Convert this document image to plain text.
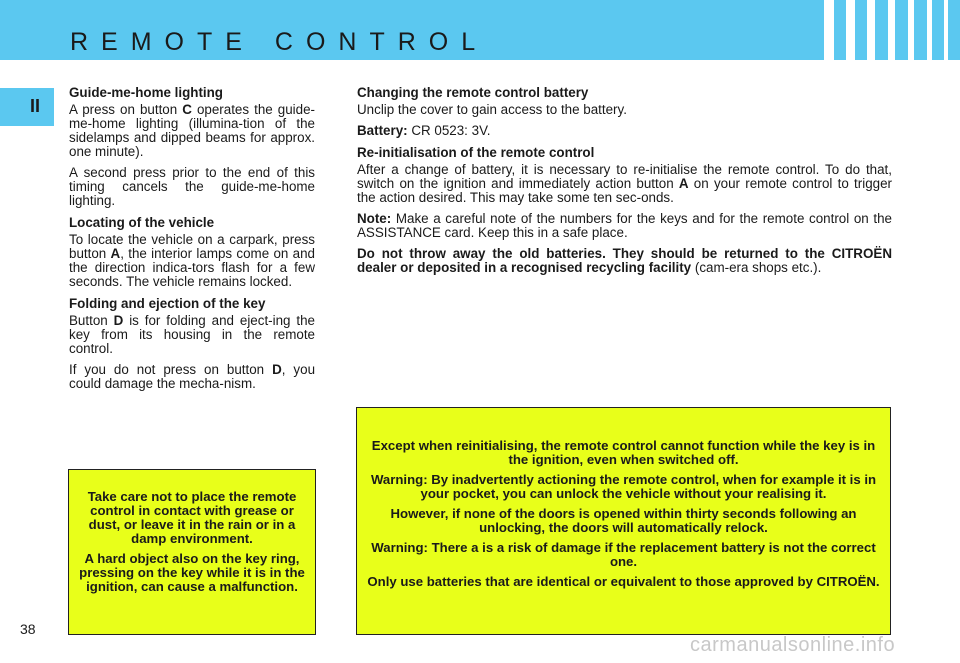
REMOTE CONTROL
II
Guide-me-home lighting

A press on button C operates the guide-me-home lighting (illumina-tion of the sidelamps and dipped beams for approx. one minute).

A second press prior to the end of this timing cancels the guide-me-home lighting.

Locating of the vehicle

To locate the vehicle on a carpark, press button A, the interior lamps come on and the direction indica-tors flash for a few seconds. The vehicle remains locked.

Folding and ejection of the key

Button D is for folding and eject-ing the key from its housing in the remote control.

If you do not press on button D, you could damage the mecha-nism.

Changing the remote control battery

Unclip the cover to gain access to the battery.

Battery: CR 0523: 3V.

Re-initialisation of the remote control

After a change of battery, it is necessary to re-initialise the remote control. To do that, switch on the ignition and immediately action button A on your remote control to trigger the action desired. This may take some ten sec-onds.

Note: Make a careful note of the numbers for the keys and for the remote control on the ASSISTANCE card. Keep this in a safe place.

Do not throw away the old batteries. They should be returned to the CITROËN dealer or deposited in a recognised recycling facility (cam-era shops etc.).

Take care not to place the remote control in contact with grease or dust, or leave it in the rain or in a damp environment.

A hard object also on the key ring, pressing on the key while it is in the ignition, can cause a malfunction.

Except when reinitialising, the remote control cannot function while the key is in the ignition, even when switched off.

Warning: By inadvertently actioning the remote control, when for example it is in your pocket, you can unlock the vehicle without your realising it.

However, if none of the doors is opened within thirty seconds following an unlocking, the doors will automatically relock.

Warning: There a is a risk of damage if the replacement battery is not the correct one.

Only use batteries that are identical or equivalent to those approved by CITROËN.

38
carmanualsonline.info
